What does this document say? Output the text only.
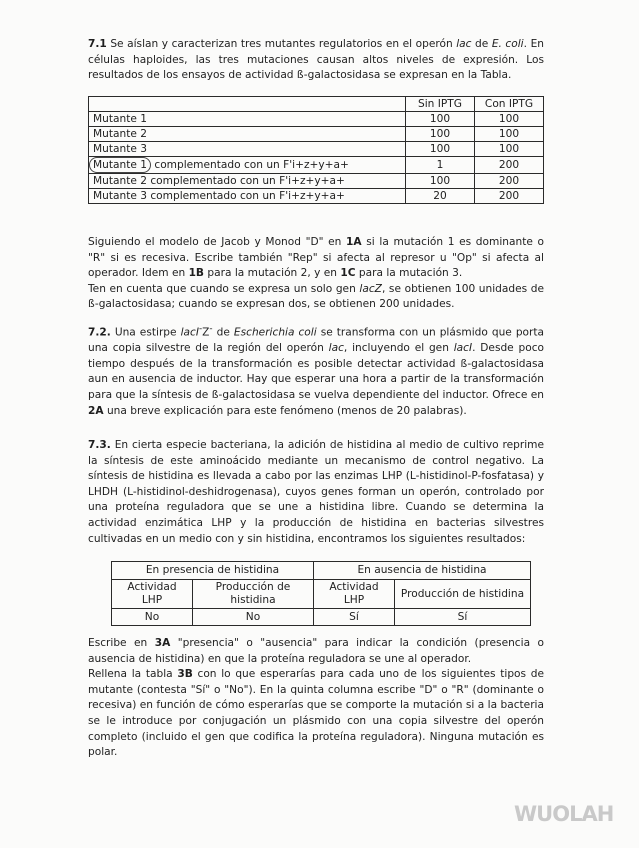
7.1 Se aíslan y caracterizan tres mutantes regulatorios en el operón lac de E. coli. En células haploides, las tres mutaciones causan altos niveles de expresión. Los resultados de los ensayos de actividad ß-galactosidasa se expresan en la Tabla.

	Sin IPTG	Con IPTG
Mutante 1	100	100
Mutante 2	100	100
Mutante 3	100	100
Mutante 1 complementado con un F'i+z+y+a+	1	200
Mutante 2 complementado con un F'i+z+y+a+	100	200
Mutante 3 complementado con un F'i+z+y+a+	20	200

Siguiendo el modelo de Jacob y Monod "D" en 1A si la mutación 1 es dominante o "R" si es recesiva. Escribe también "Rep" si afecta al represor u "Op" si afecta al operador. Idem en 1B para la mutación 2, y en 1C para la mutación 3.
Ten en cuenta que cuando se expresa un solo gen lacZ, se obtienen 100 unidades de ß-galactosidasa; cuando se expresan dos, se obtienen 200 unidades.

7.2. Una estirpe lacI-Z- de Escherichia coli se transforma con un plásmido que porta una copia silvestre de la región del operón lac, incluyendo el gen lacI. Desde poco tiempo después de la transformación es posible detectar actividad ß-galactosidasa aun en ausencia de inductor. Hay que esperar una hora a partir de la transformación para que la síntesis de ß-galactosidasa se vuelva dependiente del inductor. Ofrece en 2A una breve explicación para este fenómeno (menos de 20 palabras).

7.3. En cierta especie bacteriana, la adición de histidina al medio de cultivo reprime la síntesis de este aminoácido mediante un mecanismo de control negativo. La síntesis de histidina es llevada a cabo por las enzimas LHP (L-histidinol-P-fosfatasa) y LHDH (L-histidinol-deshidrogenasa), cuyos genes forman un operón, controlado por una proteína reguladora que se une a histidina libre. Cuando se determina la actividad enzimática LHP y la producción de histidina en bacterias silvestres cultivadas en un medio con y sin histidina, encontramos los siguientes resultados:

En presencia de histidina		En ausencia de histidina	
Actividad LHP	Producción de histidina	Actividad LHP	Producción de histidina
No	No	Sí	Sí

Escribe en 3A "presencia" o "ausencia" para indicar la condición (presencia o ausencia de histidina) en que la proteína reguladora se une al operador.
Rellena la tabla 3B con lo que esperarías para cada uno de los siguientes tipos de mutante (contesta "Sí" o "No"). En la quinta columna escribe "D" o "R" (dominante o recesiva) en función de cómo esperarías que se comporte la mutación si a la bacteria se le introduce por conjugación un plásmido con una copia silvestre del operón completo (incluido el gen que codifica la proteína reguladora). Ninguna mutación es polar.

WUOLAH
